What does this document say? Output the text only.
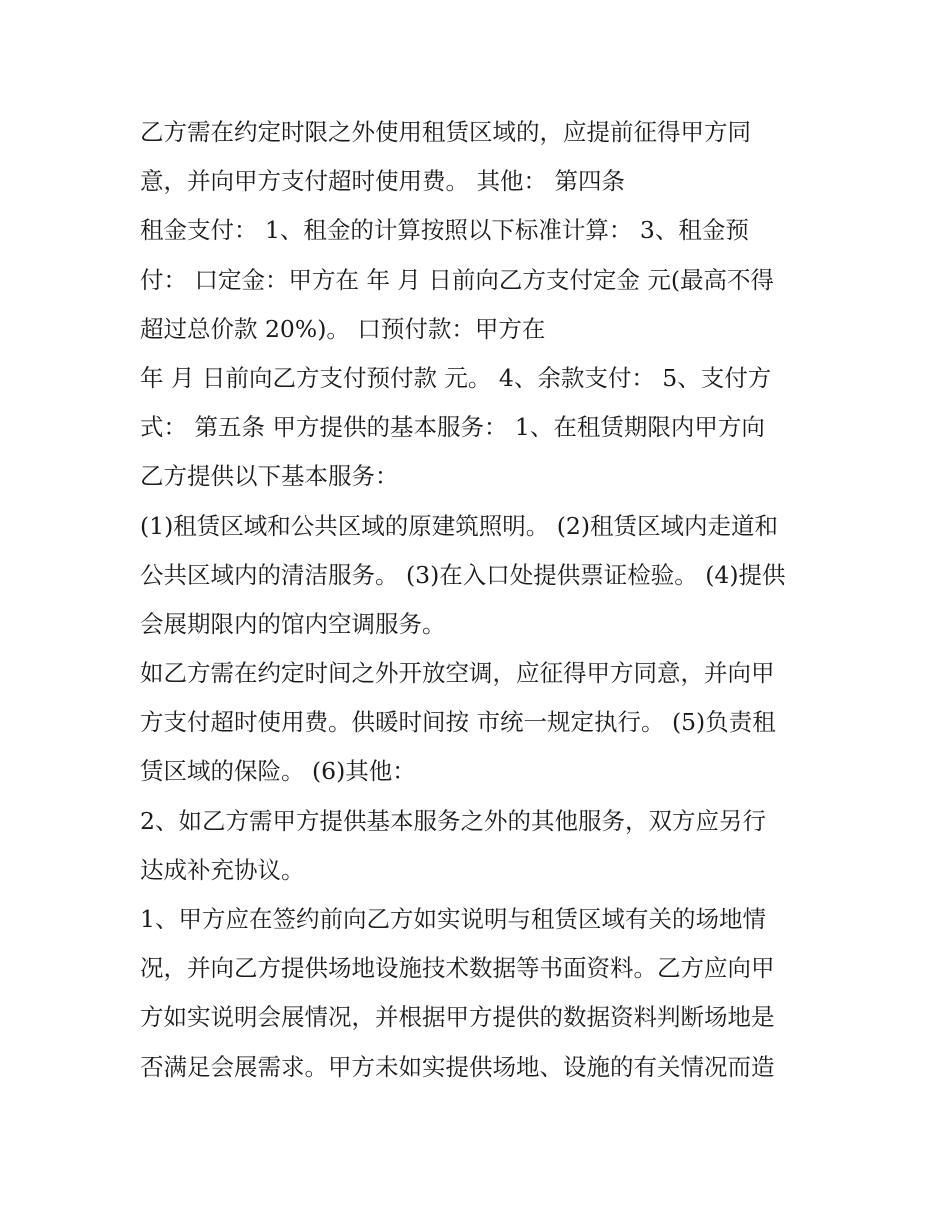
乙方需在约定时限之外使用租赁区域的，应提前征得甲方同
意，并向甲方支付超时使用费。 其他： 第四条
租金支付： 1、租金的计算按照以下标准计算： 3、租金预
付： 口定金：甲方在 年 月 日前向乙方支付定金 元(最高不得
超过总价款 20%)。 口预付款：甲方在
年 月 日前向乙方支付预付款 元。 4、余款支付： 5、支付方
式： 第五条 甲方提供的基本服务： 1、在租赁期限内甲方向
乙方提供以下基本服务：
(1)租赁区域和公共区域的原建筑照明。 (2)租赁区域内走道和
公共区域内的清洁服务。 (3)在入口处提供票证检验。 (4)提供
会展期限内的馆内空调服务。
如乙方需在约定时间之外开放空调，应征得甲方同意，并向甲
方支付超时使用费。供暖时间按 市统一规定执行。 (5)负责租
赁区域的保险。 (6)其他：
2、如乙方需甲方提供基本服务之外的其他服务，双方应另行
达成补充协议。
1、甲方应在签约前向乙方如实说明与租赁区域有关的场地情
况，并向乙方提供场地设施技术数据等书面资料。乙方应向甲
方如实说明会展情况，并根据甲方提供的数据资料判断场地是
否满足会展需求。甲方未如实提供场地、设施的有关情况而造
